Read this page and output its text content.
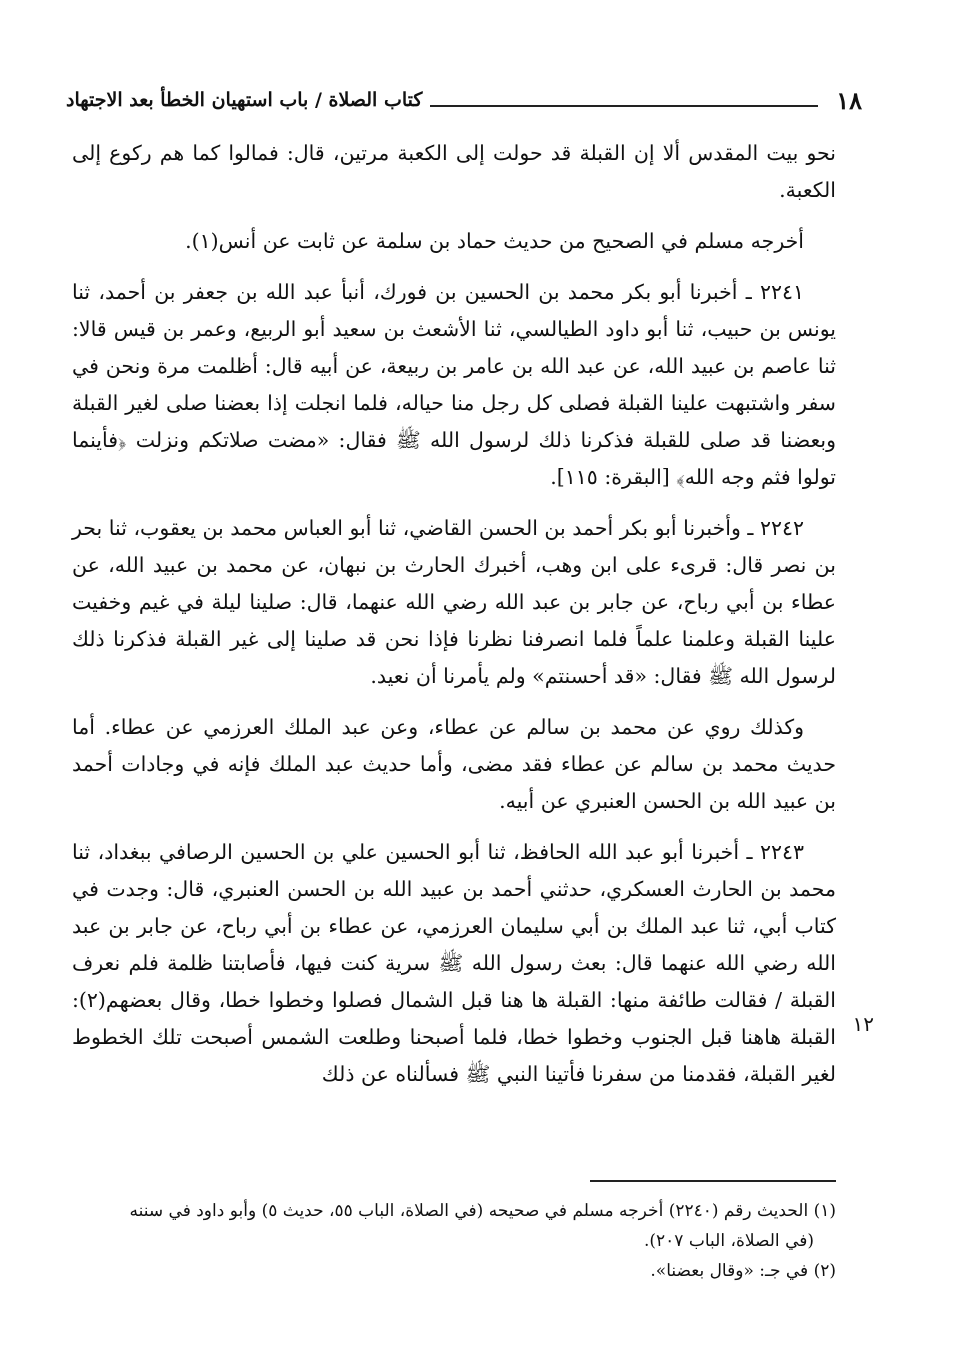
١٨
كتاب الصلاة / باب استهيان الخطأ بعد الاجتهاد

نحو بيت المقدس ألا إن القبلة قد حولت إلى الكعبة مرتين، قال: فمالوا كما هم ركوع إلى الكعبة.

أخرجه مسلم في الصحيح من حديث حماد بن سلمة عن ثابت عن أنس(١).

٢٢٤١ ـ أخبرنا أبو بكر محمد بن الحسين بن فورك، أنبأ عبد الله بن جعفر بن أحمد، ثنا يونس بن حبيب، ثنا أبو داود الطيالسي، ثنا الأشعث بن سعيد أبو الربيع، وعمر بن قيس قالا: ثنا عاصم بن عبيد الله، عن عبد الله بن عامر بن ربيعة، عن أبيه قال: أظلمت مرة ونحن في سفر واشتبهت علينا القبلة فصلى كل رجل منا حياله، فلما انجلت إذا بعضنا صلى لغير القبلة وبعضنا قد صلى للقبلة فذكرنا ذلك لرسول الله ﷺ فقال: «مضت صلاتكم ونزلت ﴿فأينما تولوا فثم وجه الله﴾ [البقرة: ١١٥].

٢٢٤٢ ـ وأخبرنا أبو بكر أحمد بن الحسن القاضي، ثنا أبو العباس محمد بن يعقوب، ثنا بحر بن نصر قال: قرىء على ابن وهب، أخبرك الحارث بن نبهان، عن محمد بن عبيد الله، عن عطاء بن أبي رباح، عن جابر بن عبد الله رضي الله عنهما، قال: صلينا ليلة في غيم وخفيت علينا القبلة وعلمنا علماً فلما انصرفنا نظرنا فإذا نحن قد صلينا إلى غير القبلة فذكرنا ذلك لرسول الله ﷺ فقال: «قد أحسنتم» ولم يأمرنا أن نعيد.

وكذلك روي عن محمد بن سالم عن عطاء، وعن عبد الملك العرزمي عن عطاء. أما حديث محمد بن سالم عن عطاء فقد مضى، وأما حديث عبد الملك فإنه في وجادات أحمد بن عبيد الله بن الحسن العنبري عن أبيه.

٢٢٤٣ ـ أخبرنا أبو عبد الله الحافظ، ثنا أبو الحسين علي بن الحسين الرصافي ببغداد، ثنا محمد بن الحارث العسكري، حدثني أحمد بن عبيد الله بن الحسن العنبري، قال: وجدت في كتاب أبي، ثنا عبد الملك بن أبي سليمان العرزمي، عن عطاء بن أبي رباح، عن جابر بن عبد الله رضي الله عنهما قال: بعث رسول الله ﷺ سرية كنت فيها، فأصابتنا ظلمة فلم نعرف القبلة / فقالت طائفة منها: القبلة ها هنا قبل الشمال فصلوا وخطوا خطا، وقال بعضهم(٢): القبلة هاهنا قبل الجنوب وخطوا خطا، فلما أصبحنا وطلعت الشمس أصبحت تلك الخطوط لغير القبلة، فقدمنا من سفرنا فأتينا النبي ﷺ فسألناه عن ذلك

١٢

(١) الحديث رقم (٢٢٤٠) أخرجه مسلم في صحيحه (في الصلاة، الباب ٥٥، حديث ٥) وأبو داود في سننه

(في الصلاة، الباب ٢٠٧).

(٢) في جـ: «وقال بعضنا».
